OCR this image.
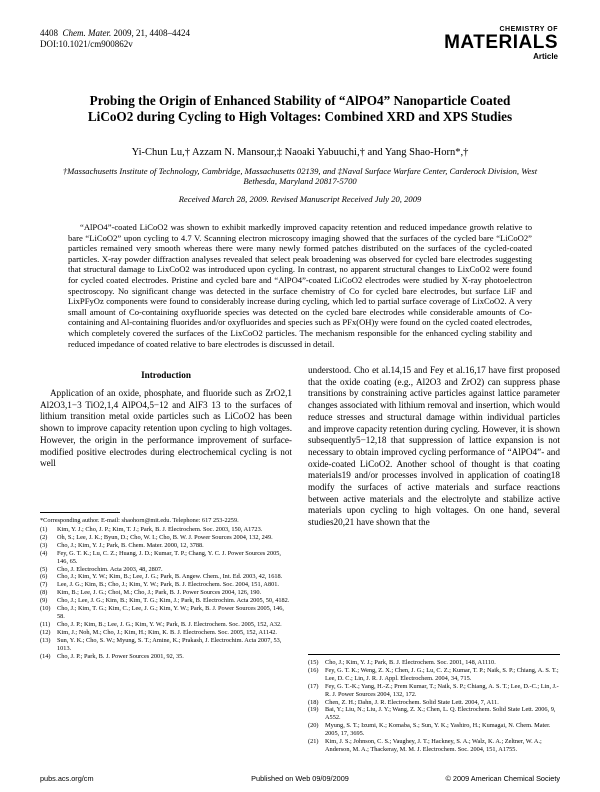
4408 Chem. Mater. 2009, 21, 4408–4424
DOI:10.1021/cm900862v
CHEMISTRY OF
MATERIALS
Article
Probing the Origin of Enhanced Stability of “AlPO4” Nanoparticle Coated LiCoO2 during Cycling to High Voltages: Combined XRD and XPS Studies
Yi-Chun Lu,† Azzam N. Mansour,‡ Naoaki Yabuuchi,† and Yang Shao-Horn*,†
†Massachusetts Institute of Technology, Cambridge, Massachusetts 02139, and ‡Naval Surface Warfare Center, Carderock Division, West Bethesda, Maryland 20817-5700
Received March 28, 2009. Revised Manuscript Received July 20, 2009

“AlPO4”-coated LiCoO2 was shown to exhibit markedly improved capacity retention and reduced impedance growth relative to bare “LiCoO2” upon cycling to 4.7 V. Scanning electron microscopy imaging showed that the surfaces of the cycled bare “LiCoO2” particles remained very smooth whereas there were many newly formed patches distributed on the surfaces of the cycled-coated particles. X-ray powder diffraction analyses revealed that select peak broadening was observed for cycled bare electrodes suggesting that structural damage to LixCoO2 was introduced upon cycling. In contrast, no apparent structural changes to LixCoO2 were found for cycled coated electrodes. Pristine and cycled bare and “AlPO4”-coated LiCoO2 electrodes were studied by X-ray photoelectron spectroscopy. No significant change was detected in the surface chemistry of Co for cycled bare electrodes, but surface LiF and LixPFyOz components were found to considerably increase during cycling, which led to partial surface coverage of LixCoO2. A very small amount of Co-containing oxyfluoride species was detected on the cycled bare electrodes while considerable amounts of Co-containing and Al-containing fluorides and/or oxyfluorides and species such as PFx(OH)y were found on the cycled coated electrodes, which completely covered the surfaces of the LixCoO2 particles. The mechanism responsible for the enhanced cycling stability and reduced impedance of coated relative to bare electrodes is discussed in detail.

Introduction

Application of an oxide, phosphate, and fluoride such as ZrO2,1 Al2O3,1−3 TiO2,1,4 AlPO4,5−12 and AlF3 13 to the surfaces of lithium transition metal oxide particles such as LiCoO2 has been shown to improve capacity retention upon cycling to high voltages. However, the origin in the performance improvement of surface-modified positive electrodes during electrochemical cycling is not well

understood. Cho et al.14,15 and Fey et al.16,17 have first proposed that the oxide coating (e.g., Al2O3 and ZrO2) can suppress phase transitions by constraining active particles against lattice parameter changes associated with lithium removal and insertion, which would reduce stresses and structural damage within individual particles and improve capacity retention during cycling. However, it is shown subsequently5−12,18 that suppression of lattice expansion is not necessary to obtain improved cycling performance of “AlPO4”- and oxide-coated LiCoO2. Another school of thought is that coating materials19 and/or processes involved in application of coating18 modify the surfaces of active materials and surface reactions between active materials and the electrolyte and stabilize active materials upon cycling to high voltages. On one hand, several studies20,21 have shown that the

*Corresponding author. E-mail: shaohorn@mit.edu. Telephone: 617 253-2259.
(1) Kim, Y. J.; Cho, J. P.; Kim, T. J.; Park, B. J. Electrochem. Soc. 2003, 150, A1723.
(2) Oh, S.; Lee, J. K.; Byun, D.; Cho, W. I.; Cho, B. W. J. Power Sources 2004, 132, 249.
(3) Cho, J.; Kim, Y. J.; Park, B. Chem. Mater. 2000, 12, 3788.
(4) Fey, G. T. K.; Lu, C. Z.; Huang, J. D.; Kumar, T. P.; Chang, Y. C. J. Power Sources 2005, 146, 65.
(5) Cho, J. Electrochim. Acta 2003, 48, 2807.
(6) Cho, J.; Kim, Y. W.; Kim, B.; Lee, J. G.; Park, B. Angew. Chem., Int. Ed. 2003, 42, 1618.
(7) Lee, J. G.; Kim, B.; Cho, J.; Kim, Y. W.; Park, B. J. Electrochem. Soc. 2004, 151, A801.
(8) Kim, B.; Lee, J. G.; Choi, M.; Cho, J.; Park, B. J. Power Sources 2004, 126, 190.
(9) Cho, J.; Lee, J. G.; Kim, B.; Kim, T. G.; Kim, J.; Park, B. Electrochim. Acta 2005, 50, 4182.
(10) Cho, J.; Kim, T. G.; Kim, C.; Lee, J. G.; Kim, Y. W.; Park, B. J. Power Sources 2005, 146, 58.
(11) Cho, J. P.; Kim, B.; Lee, J. G.; Kim, Y. W.; Park, B. J. Electrochem. Soc. 2005, 152, A32.
(12) Kim, J.; Noh, M.; Cho, J.; Kim, H.; Kim, K. B. J. Electrochem. Soc. 2005, 152, A1142.
(13) Sun, Y. K.; Cho, S. W.; Myung, S. T.; Amine, K.; Prakash, J. Electrochim. Acta 2007, 53, 1013.
(14) Cho, J. P.; Park, B. J. Power Sources 2001, 92, 35.
(15) Cho, J.; Kim, Y. J.; Park, B. J. Electrochem. Soc. 2001, 148, A1110.
(16) Fey, G. T. K.; Weng, Z. X.; Chen, J. G.; Lu, C. Z.; Kumar, T. P.; Naik, S. P.; Chiang, A. S. T.; Lee, D. C.; Lin, J. R. J. Appl. Electrochem. 2004, 34, 715.
(17) Fey, G. T.-K.; Yang, H.-Z.; Prem Kumar, T.; Naik, S. P.; Chiang, A. S. T.; Lee, D.-C.; Lin, J.-R. J. Power Sources 2004, 132, 172.
(18) Chen, Z. H.; Dahn, J. R. Electrochem. Solid State Lett. 2004, 7, A11.
(19) Bai, Y.; Liu, N.; Liu, J. Y.; Wang, Z. X.; Chen, L. Q. Electrochem. Solid State Lett. 2006, 9, A552.
(20) Myung, S. T.; Izumi, K.; Komaba, S.; Sun, Y. K.; Yashiro, H.; Kumagai, N. Chem. Mater. 2005, 17, 3695.
(21) Kim, J. S.; Johnson, C. S.; Vaughey, J. T.; Hackney, S. A.; Walz, K. A.; Zeltner, W. A.; Anderson, M. A.; Thackeray, M. M. J. Electrochem. Soc. 2004, 151, A1755.
pubs.acs.org/cm	Published on Web 09/09/2009	© 2009 American Chemical Society
